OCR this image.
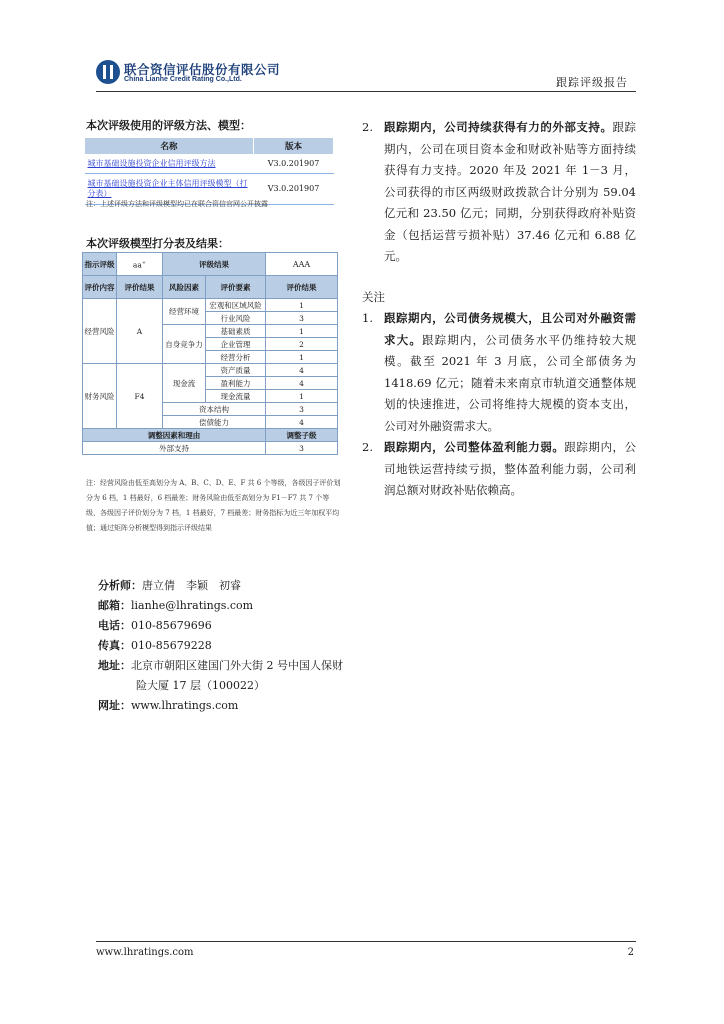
联合资信评估股份有限公司
China Lianhe Credit Rating Co.,Ltd.	跟踪评级报告
本次评级使用的评级方法、模型：
名称	版本
城市基础设施投资企业信用评级方法	V3.0.201907
城市基础设施投资企业主体信用评级模型（打分表）	V3.0.201907
注：上述评级方法和评级模型均已在联合资信官网公开披露
本次评级模型打分表及结果：
指示评级	aa+	评级结果		AAA
评价内容	评价结果	风险因素	评价要素	评价结果
经营风险	A	经营环境	宏观和区域风险	1
			行业风险	3
		自身竞争力	基础素质	1
			企业管理	2
			经营分析	1
财务风险	F4	现金流	资产质量	4
			盈利能力	4
			现金流量	1
		资本结构		3
		偿债能力		4
调整因素和理由				调整子级
外部支持				3
注：经营风险由低至高划分为 A、B、C、D、E、F 共 6 个等级，各级因子评价划分为 6 档，1 档最好，6 档最差；财务风险由低至高划分为 F1－F7 共 7 个等级，各级因子评价划分为 7 档，1 档最好，7 档最差；财务指标为近三年加权平均值；通过矩阵分析模型得到指示评级结果
分析师：唐立倩　李颖　初睿
邮箱：lianhe@lhratings.com
电话：010-85679696
传真：010-85679228
地址：北京市朝阳区建国门外大街 2 号中国人保财
险大厦 17 层（100022）
网址：www.lhratings.com
2. 跟踪期内，公司持续获得有力的外部支持。跟踪期内，公司在项目资本金和财政补贴等方面持续获得有力支持。2020 年及 2021 年 1－3 月，公司获得的市区两级财政拨款合计分别为 59.04 亿元和 23.50 亿元；同期，分别获得政府补贴资金（包括运营亏损补贴）37.46 亿元和 6.88 亿元。
关注
1. 跟踪期内，公司债务规模大，且公司对外融资需求大。跟踪期内，公司债务水平仍维持较大规模。截至 2021 年 3 月底，公司全部债务为 1418.69 亿元；随着未来南京市轨道交通整体规划的快速推进，公司将维持大规模的资本支出，公司对外融资需求大。
2. 跟踪期内，公司整体盈利能力弱。跟踪期内，公司地铁运营持续亏损，整体盈利能力弱，公司利润总额对财政补贴依赖高。
www.lhratings.com	2
